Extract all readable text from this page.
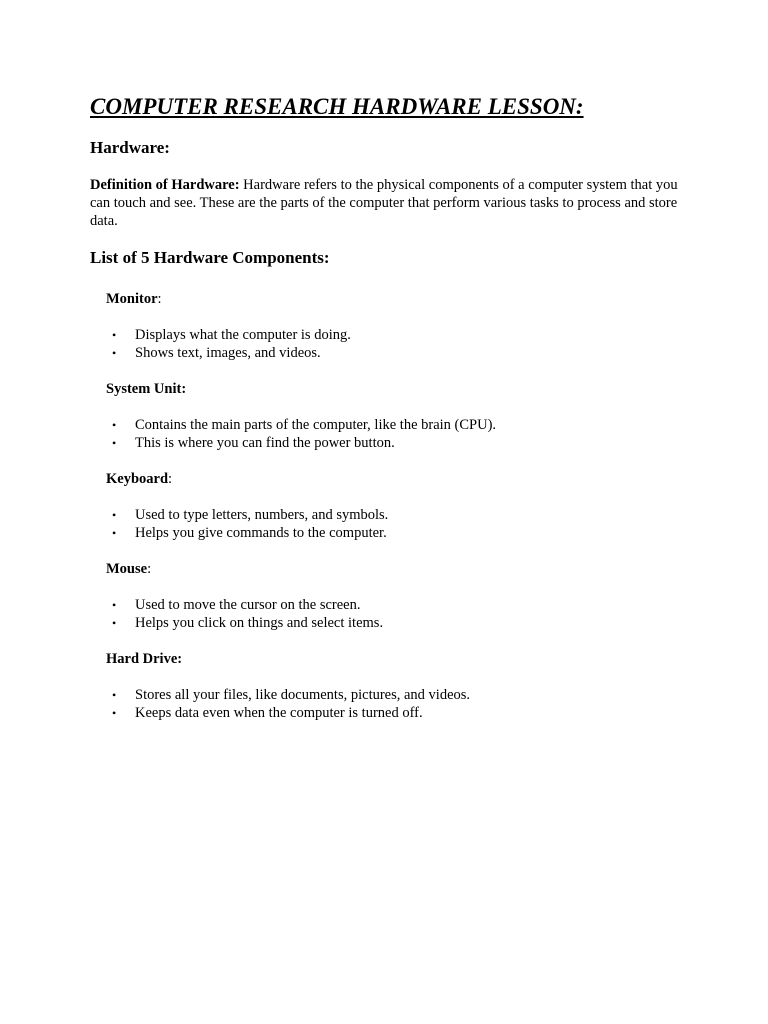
COMPUTER RESEARCH HARDWARE LESSON:
Hardware:

Definition of Hardware: Hardware refers to the physical components of a computer system that you can touch and see. These are the parts of the computer that perform various tasks to process and store data.

List of 5 Hardware Components:

Monitor:

• Displays what the computer is doing.
• Shows text, images, and videos.

System Unit:

• Contains the main parts of the computer, like the brain (CPU).
• This is where you can find the power button.

Keyboard:

• Used to type letters, numbers, and symbols.
• Helps you give commands to the computer.

Mouse:

• Used to move the cursor on the screen.
• Helps you click on things and select items.

Hard Drive:

• Stores all your files, like documents, pictures, and videos.
• Keeps data even when the computer is turned off.
